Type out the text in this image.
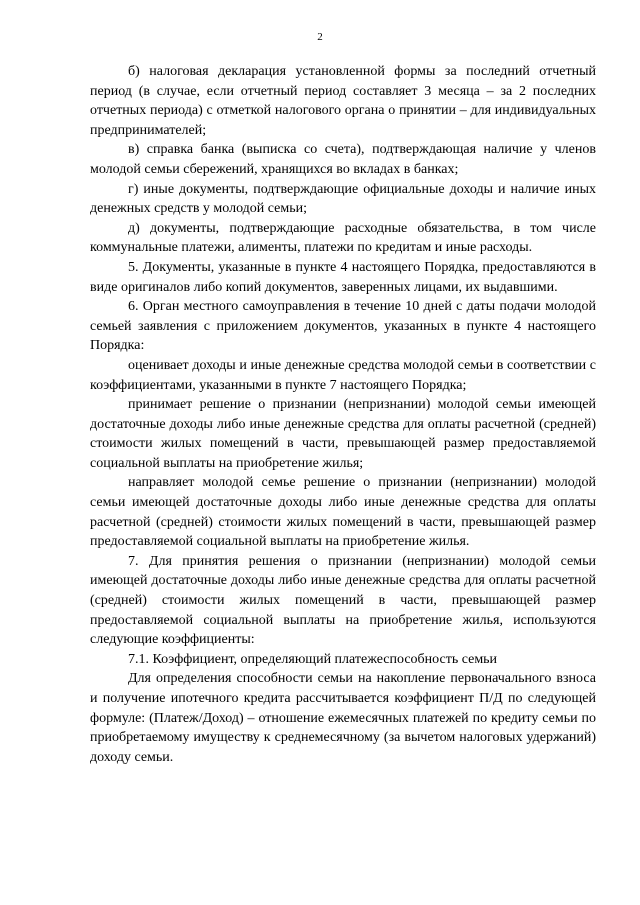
2

б) налоговая декларация установленной формы за последний отчетный период (в случае, если отчетный период составляет 3 месяца – за 2 последних отчетных периода) с отметкой налогового органа о принятии – для индивидуальных предпринимателей;

в) справка банка (выписка со счета), подтверждающая наличие у членов молодой семьи сбережений, хранящихся во вкладах в банках;

г) иные документы, подтверждающие официальные доходы и наличие иных денежных средств у молодой семьи;

д) документы, подтверждающие расходные обязательства, в том числе коммунальные платежи, алименты, платежи по кредитам и иные расходы.

5. Документы, указанные в пункте 4 настоящего Порядка, предоставляются в виде оригиналов либо копий документов, заверенных лицами, их выдавшими.

6. Орган местного самоуправления в течение 10 дней с даты подачи молодой семьей заявления с приложением документов, указанных в пункте 4 настоящего Порядка:

оценивает доходы и иные денежные средства молодой семьи в соответствии с коэффициентами, указанными в пункте 7 настоящего Порядка;

принимает решение о признании (непризнании) молодой семьи имеющей достаточные доходы либо иные денежные средства для оплаты расчетной (средней) стоимости жилых помещений в части, превышающей размер предоставляемой социальной выплаты на приобретение жилья;

направляет молодой семье решение о признании (непризнании) молодой семьи имеющей достаточные доходы либо иные денежные средства для оплаты расчетной (средней) стоимости жилых помещений в части, превышающей размер предоставляемой социальной выплаты на приобретение жилья.

7. Для принятия решения о признании (непризнании) молодой семьи имеющей достаточные доходы либо иные денежные средства для оплаты расчетной (средней) стоимости жилых помещений в части, превышающей размер предоставляемой социальной выплаты на приобретение жилья, используются следующие коэффициенты:

7.1. Коэффициент, определяющий платежеспособность семьи

Для определения способности семьи на накопление первоначального взноса и получение ипотечного кредита рассчитывается коэффициент П/Д по следующей формуле: (Платеж/Доход) – отношение ежемесячных платежей по кредиту семьи по приобретаемому имуществу к среднемесячному (за вычетом налоговых удержаний) доходу семьи.
